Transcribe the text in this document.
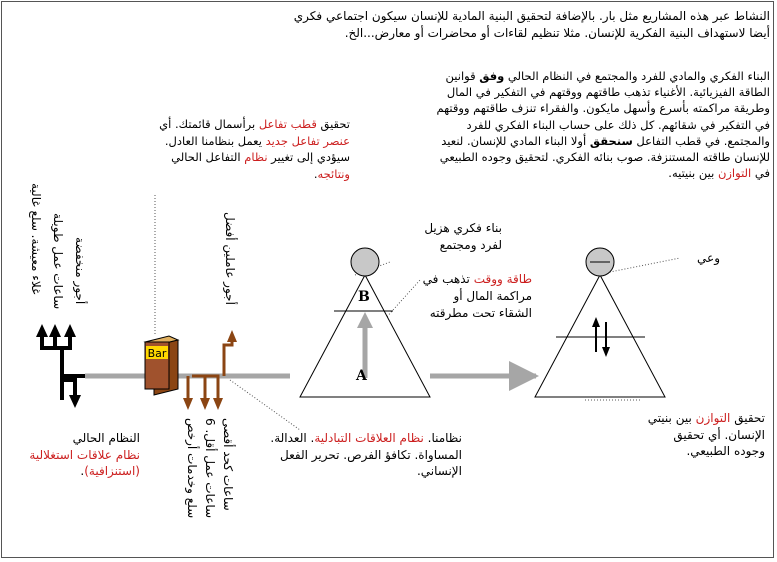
Bar
B
A
النشاط عبر هذه المشاريع مثل بار. بالإضافة لتحقيق البنية المادية للإنسان سيكون اجتماعي فكري
أيضا لاستهداف البنية الفكرية للإنسان. مثلا تنظيم لقاءات أو محاضرات أو معارض...الخ.
البناء الفكري والمادي للفرد والمجتمع في النظام الحالي وفق قوانين الطاقة الفيزيائية. الأغنياء تذهب طاقتهم ووقتهم في التفكير في المال وطريقة مراكمته بأسرع وأسهل مايكون. والفقراء تنزف طاقتهم ووقتهم في التفكير في شقائهم. كل ذلك على حساب البناء الفكري للفرد والمجتمع. في قطب التفاعل سنحقق أولا البناء المادي للإنسان. لنعيد للإنسان طاقته المستنزفة. صوب بنائه الفكري. لتحقيق وجوده الطبيعي في التوازن بين بنيتيه.
تحقيق قطب تفاعل برأسمال قائمتك. أي عنصر تفاعل جديد يعمل بنظامنا العادل. سيؤدي إلى تغيير نظام التفاعل الحالي ونتائجه.
غلاء معيشة. سلع غالية ساعات عمل طويلة أجور منخفضة	أجور عاملين أفضل
سلع وخدمات أرخص ساعات عمل أقل. 6 ساعات كحد أقصى
النظام الحالي
نظام علاقات استغلالية
(استنزافية).
نظامنا. نظام العلاقات التبادلية. العدالة. المساواة. تكافؤ الفرص. تحرير الفعل الإنساني.
بناء فكري هزيل
لفرد ومجتمع
طاقة ووقت تذهب في مراكمة المال أو الشقاء تحت مطرقته
وعي
تحقيق التوازن بين بنيتي الإنسان. أي تحقيق وجوده الطبيعي.
